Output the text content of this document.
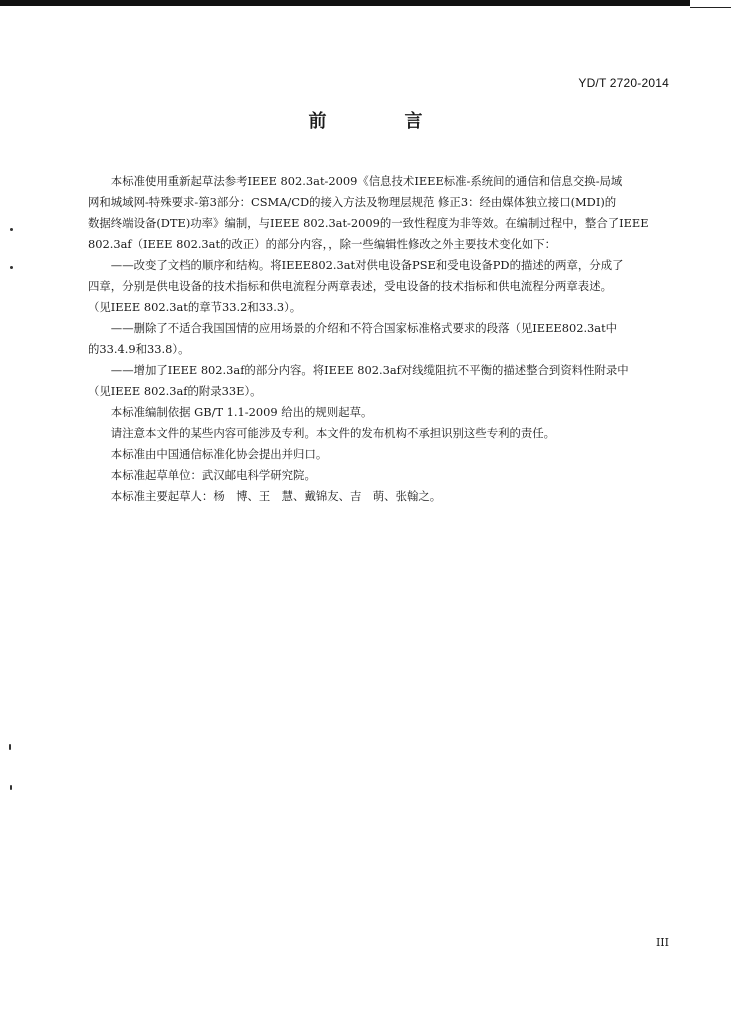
YD/T 2720-2014
前　言

本标准使用重新起草法参考IEEE 802.3at-2009《信息技术IEEE标准-系统间的通信和信息交换-局域
网和城域网-特殊要求-第3部分：CSMA/CD的接入方法及物理层规范 修正3：经由媒体独立接口(MDI)的
数据终端设备(DTE)功率》编制，与IEEE 802.3at-2009的一致性程度为非等效。在编制过程中，整合了IEEE
802.3af（IEEE 802.3at的改正）的部分内容，，除一些编辑性修改之外主要技术变化如下：

——改变了文档的顺序和结构。将IEEE802.3at对供电设备PSE和受电设备PD的描述的两章，分成了
四章，分别是供电设备的技术指标和供电流程分两章表述，受电设备的技术指标和供电流程分两章表述。
（见IEEE 802.3at的章节33.2和33.3）。

——删除了不适合我国国情的应用场景的介绍和不符合国家标准格式要求的段落（见IEEE802.3at中
的33.4.9和33.8）。

——增加了IEEE 802.3af的部分内容。将IEEE 802.3af对线缆阻抗不平衡的描述整合到资料性附录中
（见IEEE 802.3af的附录33E）。

本标准编制依据 GB/T 1.1-2009 给出的规则起草。

请注意本文件的某些内容可能涉及专利。本文件的发布机构不承担识别这些专利的责任。

本标准由中国通信标准化协会提出并归口。

本标准起草单位：武汉邮电科学研究院。

本标准主要起草人：杨　博、王　慧、戴锦友、吉　萌、张翰之。

III
